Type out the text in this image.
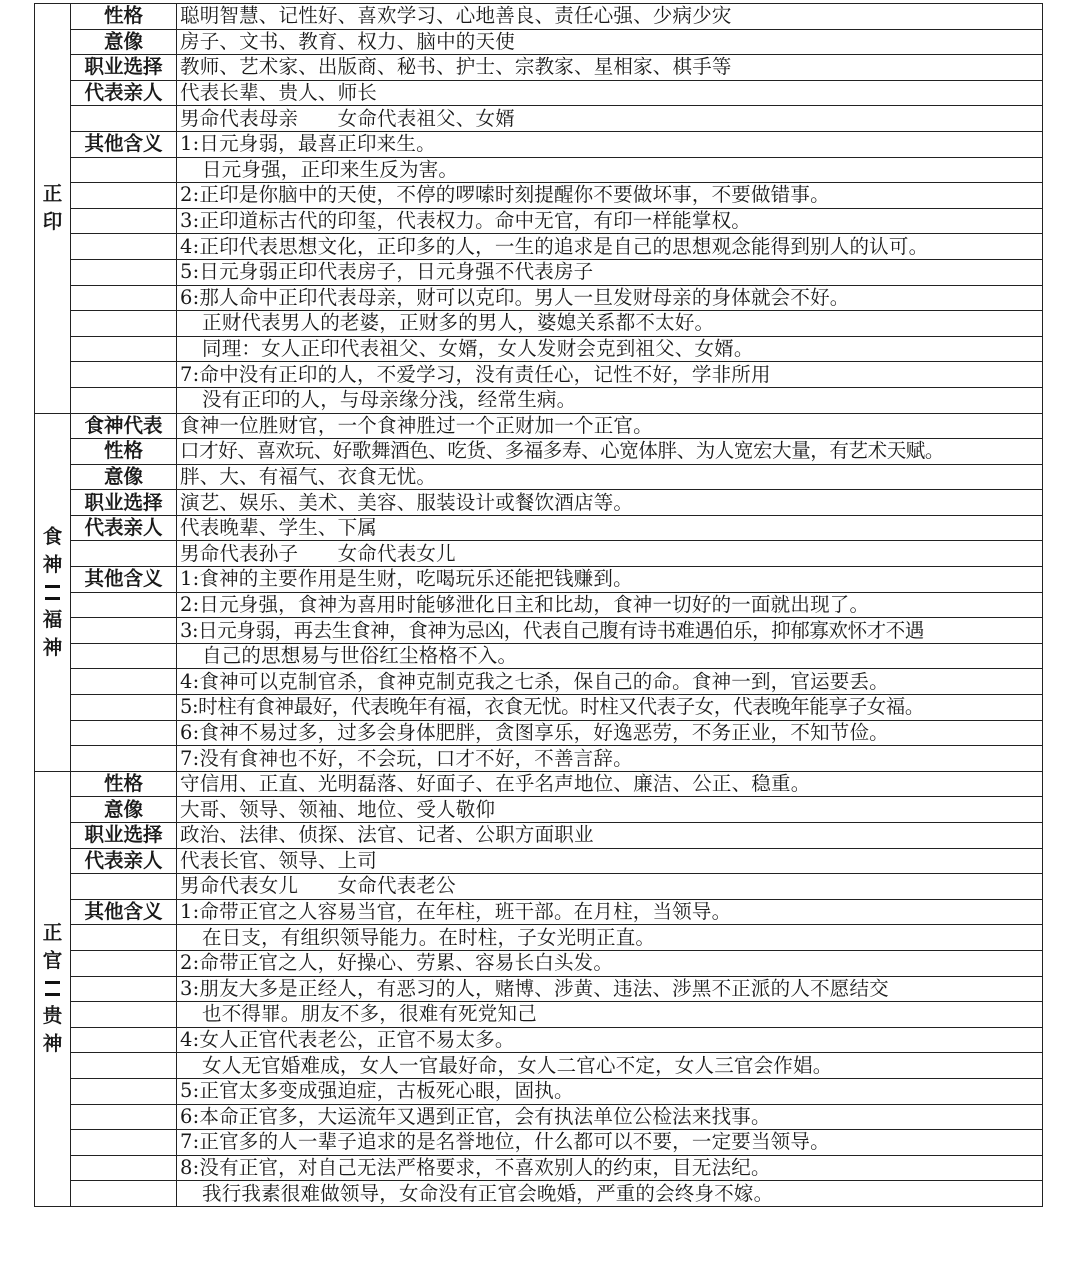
正
印	性格	聪明智慧、记性好、喜欢学习、心地善良、责任心强、少病少灾
	意像	房子、文书、教育、权力、脑中的天使
	职业选择	教师、艺术家、出版商、秘书、护士、宗教家、星相家、棋手等
	代表亲人	代表长辈、贵人、师长
		男命代表母亲　　女命代表祖父、女婿
	其他含义	1:日元身弱，最喜正印来生。
		日元身强，正印来生反为害。
		2:正印是你脑中的天使，不停的啰嗦时刻提醒你不要做坏事，不要做错事。
		3:正印道标古代的印玺，代表权力。命中无官，有印一样能掌权。
		4:正印代表思想文化，正印多的人，一生的追求是自己的思想观念能得到别人的认可。
		5:日元身弱正印代表房子，日元身强不代表房子
		6:那人命中正印代表母亲，财可以克印。男人一旦发财母亲的身体就会不好。
		正财代表男人的老婆，正财多的男人，婆媳关系都不太好。
		同理：女人正印代表祖父、女婿，女人发财会克到祖父、女婿。
		7:命中没有正印的人，不爱学习，没有责任心，记性不好，学非所用
		没有正印的人，与母亲缘分浅，经常生病。

食
神
福
神	食神代表	食神一位胜财官，一个食神胜过一个正财加一个正官。
	性格	口才好、喜欢玩、好歌舞酒色、吃货、多福多寿、心宽体胖、为人宽宏大量，有艺术天赋。
	意像	胖、大、有福气、衣食无忧。
	职业选择	演艺、娱乐、美术、美容、服装设计或餐饮酒店等。
	代表亲人	代表晚辈、学生、下属
		男命代表孙子　　女命代表女儿
	其他含义	1:食神的主要作用是生财，吃喝玩乐还能把钱赚到。
		2:日元身强，食神为喜用时能够泄化日主和比劫，食神一切好的一面就出现了。
		3:日元身弱，再去生食神，食神为忌凶，代表自己腹有诗书难遇伯乐，抑郁寡欢怀才不遇
		自己的思想易与世俗红尘格格不入。
		4:食神可以克制官杀，食神克制克我之七杀，保自己的命。食神一到，官运要丢。
		5:时柱有食神最好，代表晚年有福，衣食无忧。时柱又代表子女，代表晚年能享子女福。
		6:食神不易过多，过多会身体肥胖，贪图享乐，好逸恶劳，不务正业，不知节俭。
		7:没有食神也不好，不会玩，口才不好，不善言辞。

正
官
贵
神	性格	守信用、正直、光明磊落、好面子、在乎名声地位、廉洁、公正、稳重。
	意像	大哥、领导、领袖、地位、受人敬仰
	职业选择	政治、法律、侦探、法官、记者、公职方面职业
	代表亲人	代表长官、领导、上司
		男命代表女儿　　女命代表老公
	其他含义	1:命带正官之人容易当官，在年柱，班干部。在月柱，当领导。
		在日支，有组织领导能力。在时柱，子女光明正直。
		2:命带正官之人，好操心、劳累、容易长白头发。
		3:朋友大多是正经人，有恶习的人，赌博、涉黄、违法、涉黑不正派的人不愿结交
		也不得罪。朋友不多，很难有死党知己
		4:女人正官代表老公，正官不易太多。
		女人无官婚难成，女人一官最好命，女人二官心不定，女人三官会作娼。
		5:正官太多变成强迫症，古板死心眼，固执。
		6:本命正官多，大运流年又遇到正官，会有执法单位公检法来找事。
		7:正官多的人一辈子追求的是名誉地位，什么都可以不要，一定要当领导。
		8:没有正官，对自己无法严格要求，不喜欢别人的约束，目无法纪。
		我行我素很难做领导，女命没有正官会晚婚，严重的会终身不嫁。
